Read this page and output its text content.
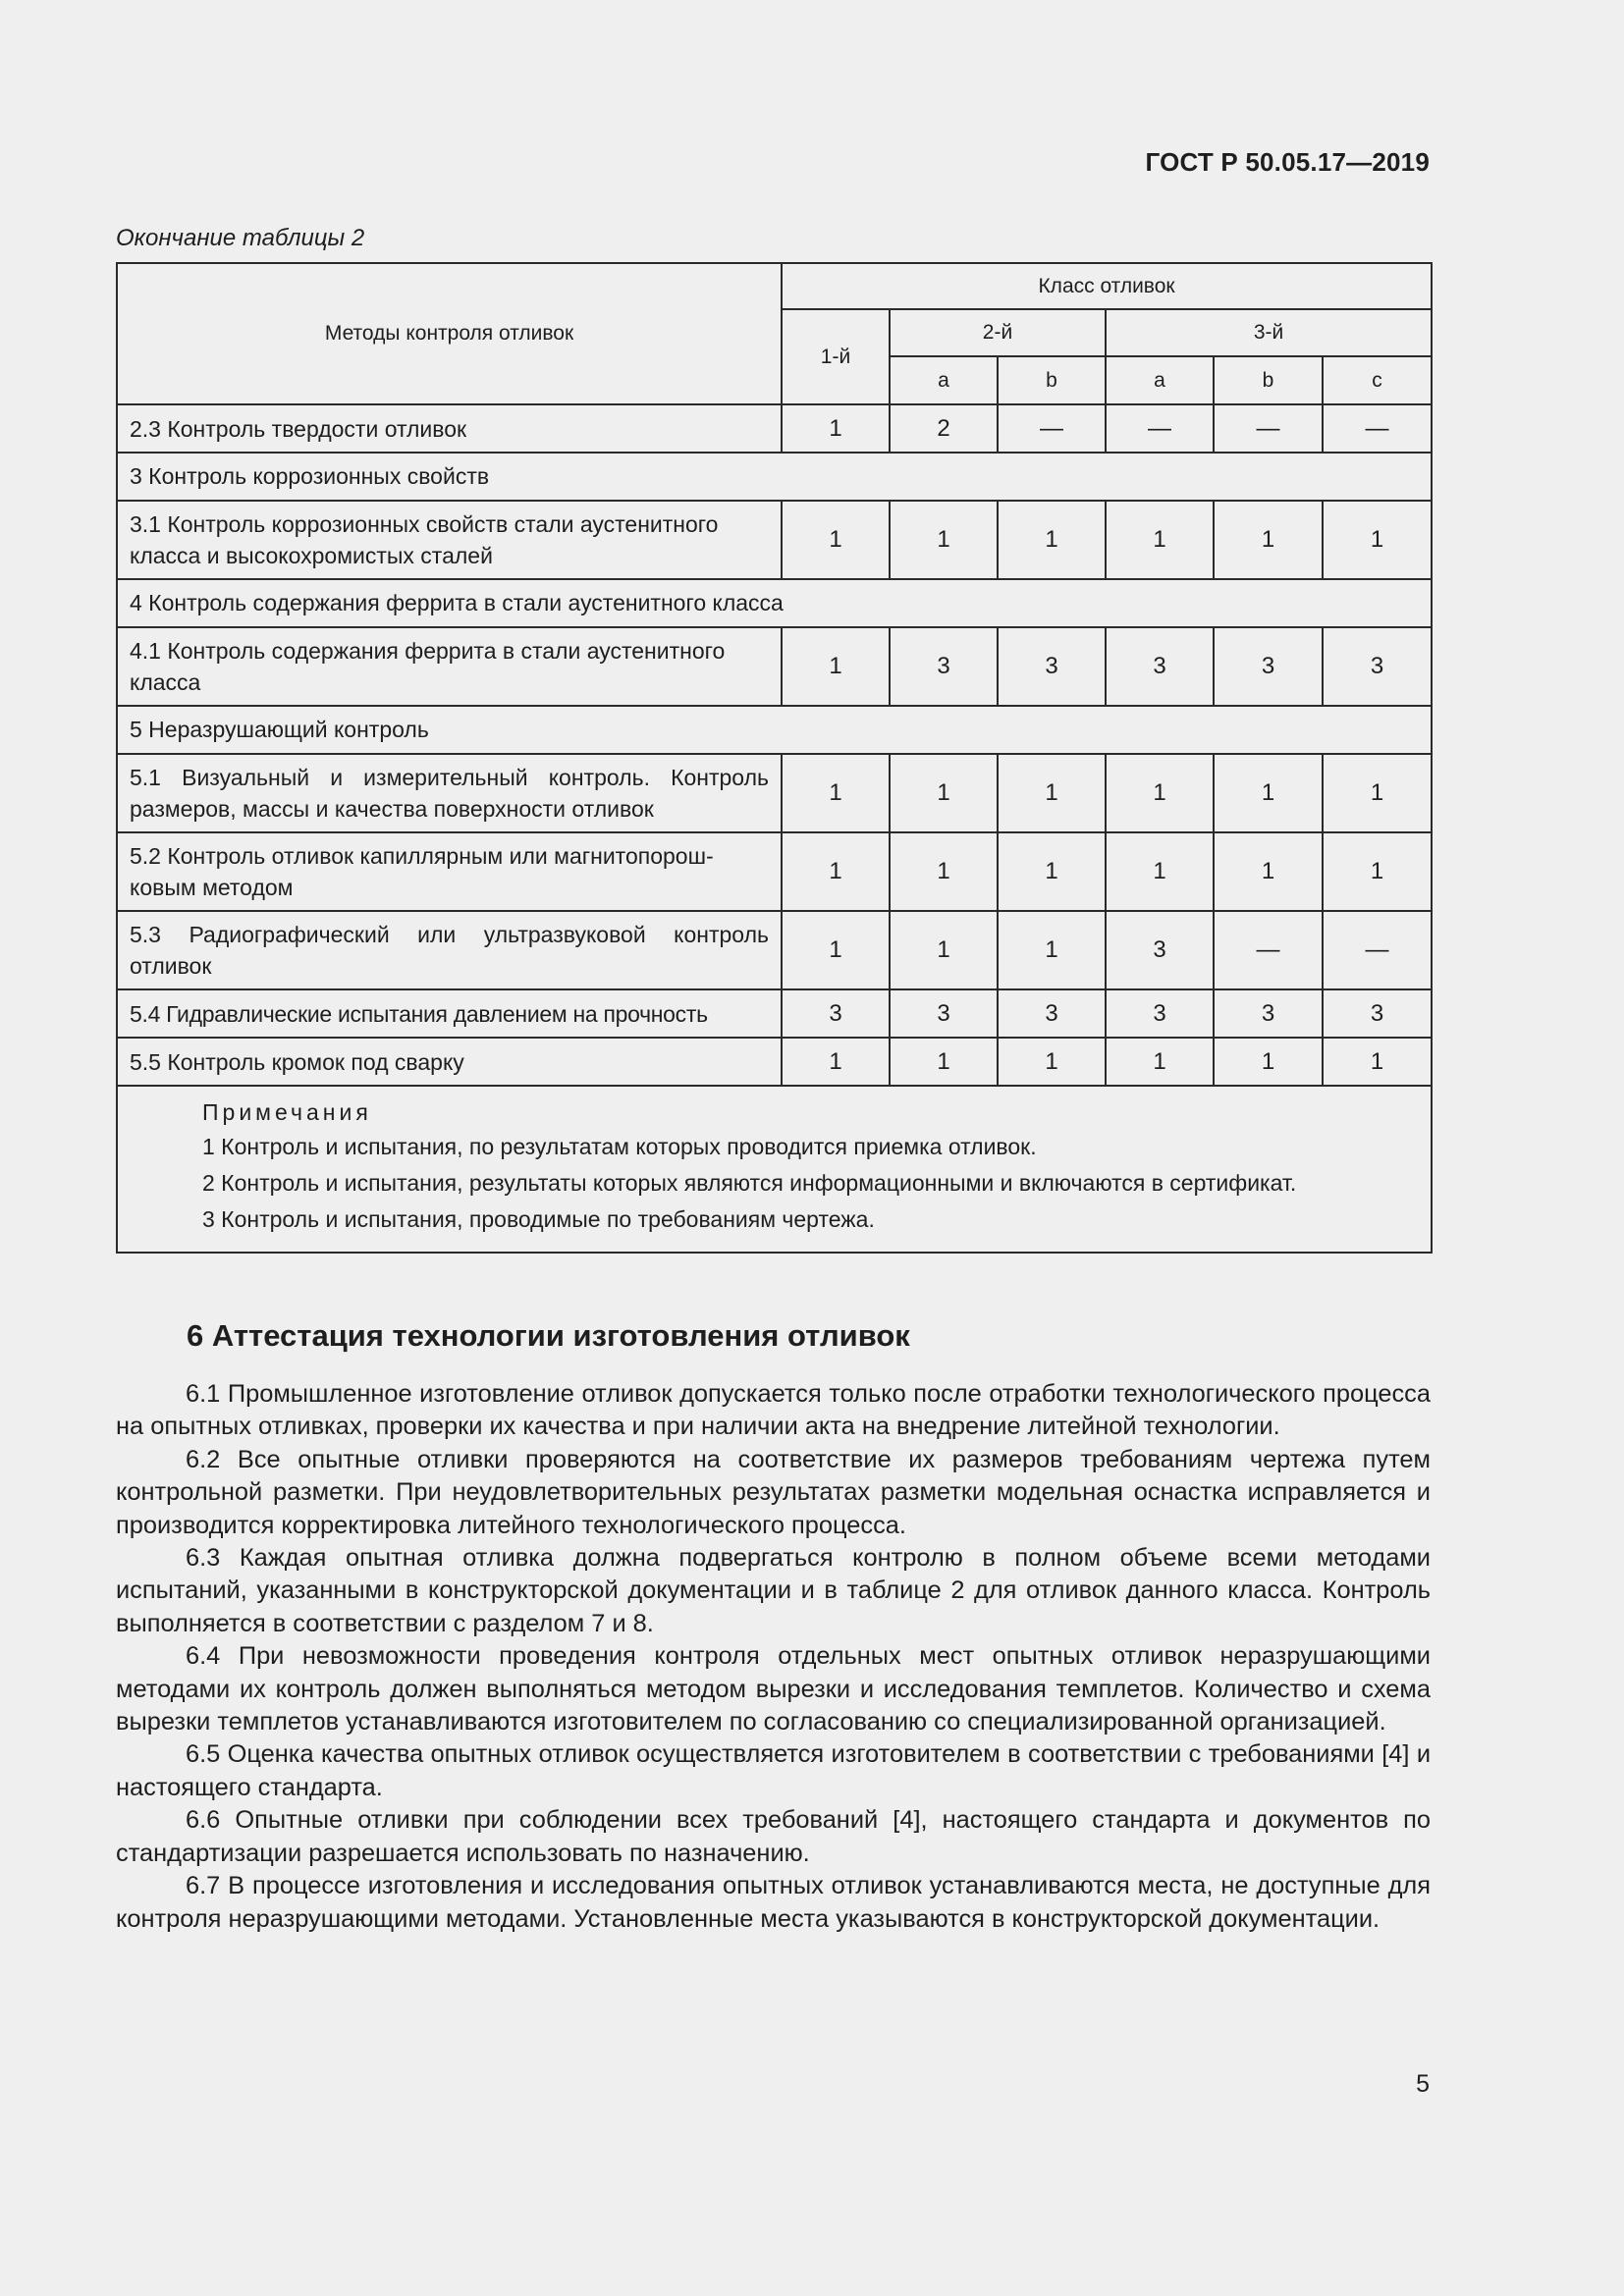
ГОСТ Р 50.05.17—2019
Окончание таблицы 2
Методы контроля отливок	Класс отливок					
	1-й	2-й		3-й		
		a	b	a	b	c
2.3 Контроль твердости отливок	1	2	—	—	—	—
3 Контроль коррозионных свойств						
3.1 Контроль коррозионных свойств стали аустенитного класса и высокохромистых сталей	1	1	1	1	1	1
4 Контроль содержания феррита в стали аустенитного класса						
4.1 Контроль содержания феррита в стали аустенитного класса	1	3	3	3	3	3
5 Неразрушающий контроль						
5.1 Визуальный и измерительный контроль. Контроль размеров, массы и качества поверхности отливок	1	1	1	1	1	1
5.2 Контроль отливок капиллярным или магнитопорош-ковым методом	1	1	1	1	1	1
5.3 Радиографический или ультразвуковой контроль отливок	1	1	1	3	—	—
5.4 Гидравлические испытания давлением на прочность	3	3	3	3	3	3
5.5 Контроль кромок под сварку	1	1	1	1	1	1

Примечания
1 Контроль и испытания, по результатам которых проводится приемка отливок.
2 Контроль и испытания, результаты которых являются информационными и включаются в сертификат.
3 Контроль и испытания, проводимые по требованиям чертежа.						
6 Аттестация технологии изготовления отливок

6.1 Промышленное изготовление отливок допускается только после отработки технологического процесса на опытных отливках, проверки их качества и при наличии акта на внедрение литейной технологии.

6.2 Все опытные отливки проверяются на соответствие их размеров требованиям чертежа путем контрольной разметки. При неудовлетворительных результатах разметки модельная оснастка исправляется и производится корректировка литейного технологического процесса.

6.3 Каждая опытная отливка должна подвергаться контролю в полном объеме всеми методами испытаний, указанными в конструкторской документации и в таблице 2 для отливок данного класса. Контроль выполняется в соответствии с разделом 7 и 8.

6.4 При невозможности проведения контроля отдельных мест опытных отливок неразрушающими методами их контроль должен выполняться методом вырезки и исследования темплетов. Количество и схема вырезки темплетов устанавливаются изготовителем по согласованию со специализированной организацией.

6.5 Оценка качества опытных отливок осуществляется изготовителем в соответствии с требованиями [4] и настоящего стандарта.

6.6 Опытные отливки при соблюдении всех требований [4], настоящего стандарта и документов по стандартизации разрешается использовать по назначению.

6.7 В процессе изготовления и исследования опытных отливок устанавливаются места, не доступные для контроля неразрушающими методами. Установленные места указываются в конструкторской документации.

5
